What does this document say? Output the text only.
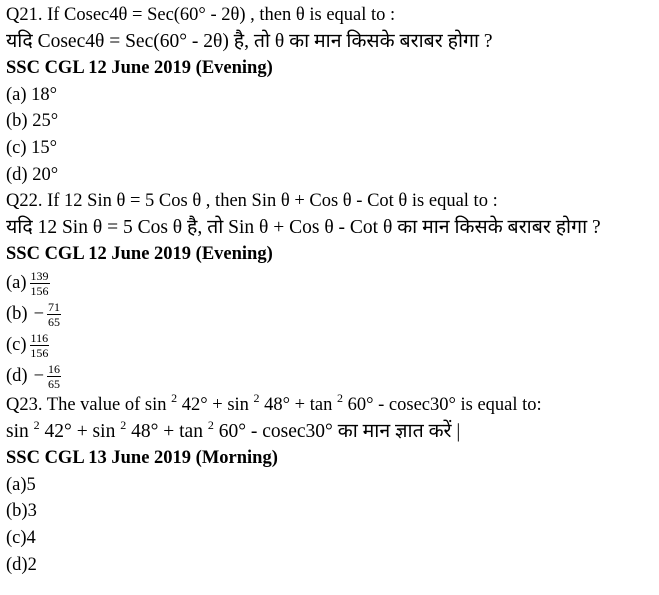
Q21. If Cosec4θ = Sec(60° - 2θ) , then θ is equal to :
यदि Cosec4θ = Sec(60° - 2θ) है, तो θ का मान किसके बराबर होगा ?
SSC CGL 12 June 2019 (Evening)
(a) 18°
(b) 25°
(c) 15°
(d) 20°
Q22. If 12 Sin θ = 5 Cos θ , then Sin θ + Cos θ - Cot θ is equal to :
यदि 12 Sin θ = 5 Cos θ है, तो Sin θ + Cos θ - Cot θ का मान किसके बराबर होगा ?
SSC CGL 12 June 2019 (Evening)
$(a) \frac{139}{156}$
$(b) - \frac{71}{65}$
$(c) \frac{116}{156}$
$(d) - \frac{16}{65}$
Q23. The value of sin $^2$ 42° + sin $^2$ 48° + tan $^2$ 60° - cosec30° is equal to:
sin $^2$ 42° + sin $^2$ 48° + tan $^2$ 60° - cosec30° का मान ज्ञात करें |
SSC CGL 13 June 2019 (Morning)
(a)5
(b)3
(c)4
(d)2
